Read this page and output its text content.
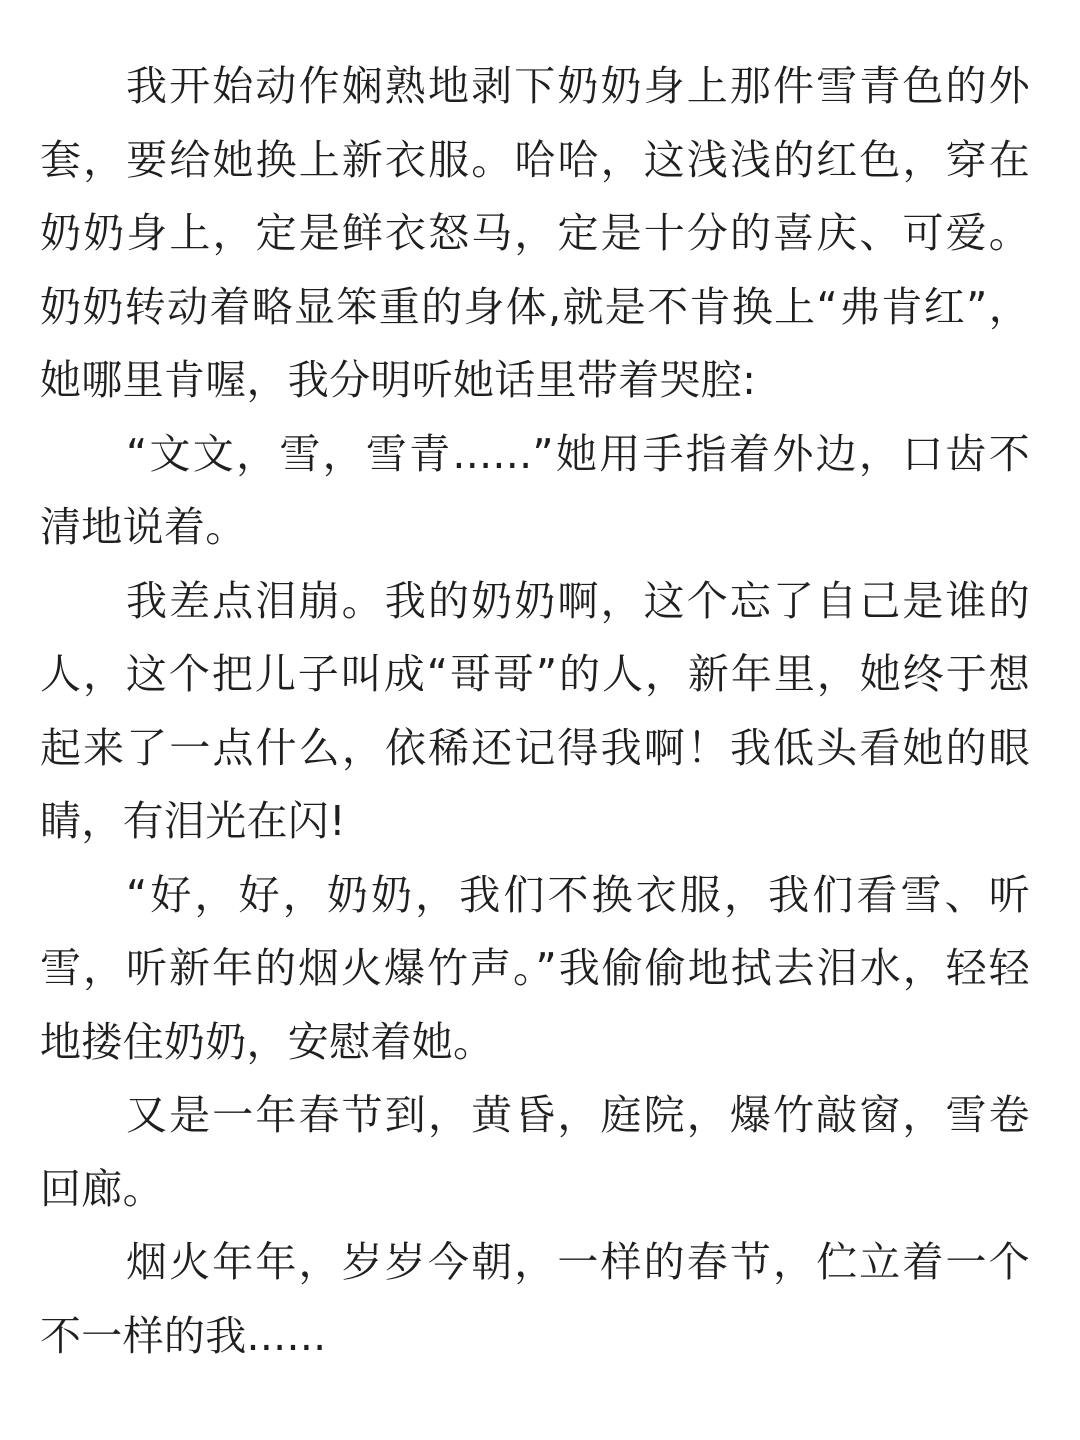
我开始动作娴熟地剥下奶奶身上那件雪青色的外套，要给她换上新衣服。哈哈，这浅浅的红色，穿在奶奶身上，定是鲜衣怒马，定是十分的喜庆、可爱。奶奶转动着略显笨重的身体,就是不肯换上“弗肯红”，她哪里肯喔，我分明听她话里带着哭腔:

“文文，雪，雪青......”她用手指着外边，口齿不清地说着。

我差点泪崩。我的奶奶啊，这个忘了自己是谁的人，这个把儿子叫成“哥哥”的人，新年里，她终于想起来了一点什么，依稀还记得我啊！我低头看她的眼睛，有泪光在闪!

“好，好，奶奶，我们不换衣服，我们看雪、听雪，听新年的烟火爆竹声。”我偷偷地拭去泪水，轻轻地搂住奶奶，安慰着她。

又是一年春节到，黄昏，庭院，爆竹敲窗，雪卷回廊。

烟火年年，岁岁今朝，一样的春节，伫立着一个不一样的我......
